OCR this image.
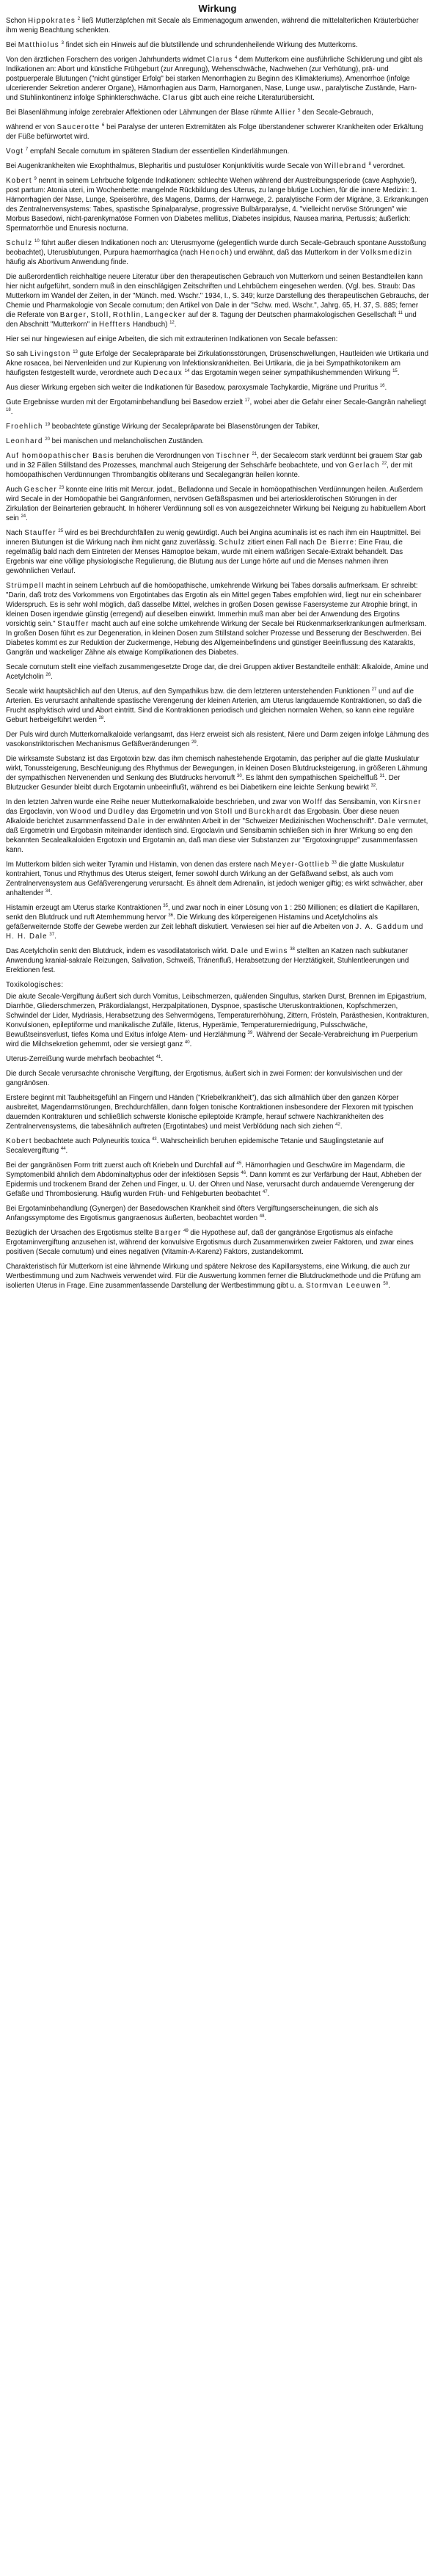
Wirkung

Schon Hippokrates $^2$ ließ Mutterzäpfchen mit Secale als Emmenagogum anwenden, während die mittelalterlichen Kräuterbücher ihm wenig Beachtung schenkten.

Bei Matthiolus $^3$ findet sich ein Hinweis auf die blutstillende und schrundenheilende Wirkung des Mutterkorns.

Von den ärztlichen Forschern des vorigen Jahrhunderts widmet Clarus $^4$ dem Mutterkorn eine ausführliche Schilderung und gibt als Indikationen an: Abort und künstliche Frühgeburt (zur Anregung), Wehenschwäche, Nachwehen (zur Verhütung), prä- und postpuerperale Blutungen ("nicht günstiger Erfolg" bei starken Menorrhagien zu Beginn des Klimakteriums), Amenorrhoe (infolge ulcerierender Sekretion anderer Organe), Hämorrhagien aus Darm, Harnorganen, Nase, Lunge usw., paralytische Zustände, Harn- und Stuhlinkontinenz infolge Sphinkterschwäche. Clarus gibt auch eine reiche Literaturübersicht.

Bei Blasenlähmung infolge zerebraler Affektionen oder Lähmungen der Blase rühmte Allier $^5$ den Secale-Gebrauch,

während er von Saucerotte $^6$ bei Paralyse der unteren Extremitäten als Folge überstandener schwerer Krankheiten oder Erkältung der Füße befürwortet wird.

Vogt $^7$ empfahl Secale cornutum im späteren Stadium der essentiellen Kinderlähmungen.

Bei Augenkrankheiten wie Exophthalmus, Blepharitis und pustulöser Konjunktivitis wurde Secale von Willebrand $^8$ verordnet.

Kobert $^9$ nennt in seinem Lehrbuche folgende Indikationen: schlechte Wehen während der Austreibungsperiode (cave Asphyxie!), post partum: Atonia uteri, im Wochenbette: mangelnde Rückbildung des Uterus, zu lange blutige Lochien, für die innere Medizin: 1. Hämorrhagien der Nase, Lunge, Speiseröhre, des Magens, Darms, der Harnwege, 2. paralytische Form der Migräne, 3. Erkrankungen des Zentralnervensystems: Tabes, spastische Spinalparalyse, progressive Bulbärparalyse, 4. "vielleicht nervöse Störungen" wie Morbus Basedowi, nicht-parenkymatöse Formen von Diabetes mellitus, Diabetes insipidus, Nausea marina, Pertussis; äußerlich: Spermatorrhöe und Enuresis nocturna.

Schulz $^{10}$ führt außer diesen Indikationen noch an: Uterusmyome (gelegentlich wurde durch Secale-Gebrauch spontane Ausstoßung beobachtet), Uterusblutungen, Purpura haemorrhagica (nach Henoch) und erwähnt, daß das Mutterkorn in der Volksmedizin häufig als Abortivum Anwendung finde.

Die außerordentlich reichhaltige neuere Literatur über den therapeutischen Gebrauch von Mutterkorn und seinen Bestandteilen kann hier nicht aufgeführt, sondern muß in den einschlägigen Zeitschriften und Lehrbüchern eingesehen werden. (Vgl. bes. Straub: Das Mutterkorn im Wandel der Zeiten, in der "Münch. med. Wschr." 1934, I., S. 349; kurze Darstellung des therapeutischen Gebrauchs, der Chemie und Pharmakologie von Secale cornutum; den Artikel von Dale in der "Schw. med. Wschr.", Jahrg. 65, H. 37, S. 885; ferner die Referate von Barger, Stoll, Rothlin, Langecker auf der 8. Tagung der Deutschen pharmakologischen Gesellschaft $^{11}$ und den Abschnitt "Mutterkorn" in Heffters Handbuch) $^{12}$.

Hier sei nur hingewiesen auf einige Arbeiten, die sich mit extrauterinen Indikationen von Secale befassen:

So sah Livingston $^{13}$ gute Erfolge der Secalepräparate bei Zirkulationsstörungen, Drüsenschwellungen, Hautleiden wie Urtikaria und Akne rosacea, bei Nervenleiden und zur Kupierung von Infektionskrankheiten. Bei Urtikaria, die ja bei Sympathikotonikern am häufigsten festgestellt wurde, verordnete auch Decaux $^{14}$ das Ergotamin wegen seiner sympathikushemmenden Wirkung $^{15}$.

Aus dieser Wirkung ergeben sich weiter die Indikationen für Basedow, paroxysmale Tachykardie, Migräne und Pruritus $^{16}$.

Gute Ergebnisse wurden mit der Ergotaminbehandlung bei Basedow erzielt $^{17}$, wobei aber die Gefahr einer Secale-Gangrän naheliegt $^{18}$.

Froehlich $^{19}$ beobachtete günstige Wirkung der Secalepräparate bei Blasenstörungen der Tabiker,

Leonhard $^{20}$ bei manischen und melancholischen Zuständen.

Auf homöopathischer Basis beruhen die Verordnungen von Tischner $^{21}$, der Secalecorn stark verdünnt bei grauem Star gab und in 32 Fällen Stillstand des Prozesses, manchmal auch Steigerung der Sehschärfe beobachtete, und von Gerlach $^{22}$, der mit homöopathischen Verdünnungen Thrombangitis obliterans und Secalegangrän heilen konnte.

Auch Gescher $^{23}$ konnte eine Iritis mit Mercur. jodat., Belladonna und Secale in homöopathischen Verdünnungen heilen. Außerdem wird Secale in der Homöopathie bei Gangränformen, nervösen Gefäßspasmen und bei arteriosklerotischen Störungen in der Zirkulation der Beinarterien gebraucht. In höherer Verdünnung soll es von ausgezeichneter Wirkung bei Neigung zu habituellem Abort sein $^{24}$.

Nach Stauffer $^{25}$ wird es bei Brechdurchfällen zu wenig gewürdigt. Auch bei Angina acuminalis ist es nach ihm ein Hauptmittel. Bei inneren Blutungen ist die Wirkung nach ihm nicht ganz zuverlässig. Schulz zitiert einen Fall nach De Bierre: Eine Frau, die regelmäßig bald nach dem Eintreten der Menses Hämoptoe bekam, wurde mit einem wäßrigen Secale-Extrakt behandelt. Das Ergebnis war eine völlige physiologische Regulierung, die Blutung aus der Lunge hörte auf und die Menses nahmen ihren gewöhnlichen Verlauf.

Strümpell macht in seinem Lehrbuch auf die homöopathische, umkehrende Wirkung bei Tabes dorsalis aufmerksam. Er schreibt: "Darin, daß trotz des Vorkommens von Ergotintabes das Ergotin als ein Mittel gegen Tabes empfohlen wird, liegt nur ein scheinbarer Widerspruch. Es is sehr wohl möglich, daß dasselbe Mittel, welches in großen Dosen gewisse Fasersysteme zur Atrophie bringt, in kleinen Dosen irgendwie günstig (erregend) auf dieselben einwirkt. Immerhin muß man aber bei der Anwendung des Ergotins vorsichtig sein." Stauffer macht auch auf eine solche umkehrende Wirkung der Secale bei Rückenmarkserkrankungen aufmerksam. In großen Dosen führt es zur Degeneration, in kleinen Dosen zum Stillstand solcher Prozesse und Besserung der Beschwerden. Bei Diabetes kommt es zur Reduktion der Zuckermenge, Hebung des Allgemeinbefindens und günstiger Beeinflussung des Katarakts, Gangrän und wackeliger Zähne als etwaige Komplikationen des Diabetes.

Secale cornutum stellt eine vielfach zusammengesetzte Droge dar, die drei Gruppen aktiver Bestandteile enthält: Alkaloide, Amine und Acetylcholin $^{26}$.

Secale wirkt hauptsächlich auf den Uterus, auf den Sympathikus bzw. die dem letzteren unterstehenden Funktionen $^{27}$ und auf die Arterien. Es verursacht anhaltende spastische Verengerung der kleinen Arterien, am Uterus langdauernde Kontraktionen, so daß die Frucht asphyktisch wird und Abort eintritt. Sind die Kontraktionen periodisch und gleichen normalen Wehen, so kann eine reguläre Geburt herbeigeführt werden $^{28}$.

Der Puls wird durch Mutterkornalkaloide verlangsamt, das Herz erweist sich als resistent, Niere und Darm zeigen infolge Lähmung des vasokonstriktorischen Mechanismus Gefäßveränderungen $^{29}$.

Die wirksamste Substanz ist das Ergotoxin bzw. das ihm chemisch nahestehende Ergotamin, das peripher auf die glatte Muskulatur wirkt, Tonussteigerung, Beschleunigung des Rhythmus der Bewegungen, in kleinen Dosen Blutdrucksteigerung, in größeren Lähmung der sympathischen Nervenenden und Senkung des Blutdrucks hervorruft $^{30}$. Es lähmt den sympathischen Speichelfluß $^{31}$. Der Blutzucker Gesunder bleibt durch Ergotamin unbeeinflußt, während es bei Diabetikern eine leichte Senkung bewirkt $^{32}$.

In den letzten Jahren wurde eine Reihe neuer Mutterkornalkaloide beschrieben, und zwar von Wolff das Sensibamin, von Kirsner das Ergoclavin, von Wood und Dudley das Ergometrin und von Stoll und Burckhardt das Ergobasin. Über diese neuen Alkaloide berichtet zusammenfassend Dale in der erwähnten Arbeit in der "Schweizer Medizinischen Wochenschrift". Dale vermutet, daß Ergometrin und Ergobasin miteinander identisch sind. Ergoclavin und Sensibamin schließen sich in ihrer Wirkung so eng den bekannten Secalealkaloiden Ergotoxin und Ergotamin an, daß man diese vier Substanzen zur "Ergotoxingruppe" zusammenfassen kann.

Im Mutterkorn bilden sich weiter Tyramin und Histamin, von denen das erstere nach Meyer-Gottlieb $^{33}$ die glatte Muskulatur kontrahiert, Tonus und Rhythmus des Uterus steigert, ferner sowohl durch Wirkung an der Gefäßwand selbst, als auch vom Zentralnervensystem aus Gefäßverengerung verursacht. Es ähnelt dem Adrenalin, ist jedoch weniger giftig; es wirkt schwächer, aber anhaltender $^{34}$.

Histamin erzeugt am Uterus starke Kontraktionen $^{35}$, und zwar noch in einer Lösung von 1 : 250 Millionen; es dilatiert die Kapillaren, senkt den Blutdruck und ruft Atemhemmung hervor $^{36}$. Die Wirkung des körpereigenen Histamins und Acetylcholins als gefäßerweiternde Stoffe der Gewebe werden zur Zeit lebhaft diskutiert. Verwiesen sei hier auf die Arbeiten von J. A. Gaddum und H. H. Dale $^{37}$.

Das Acetylcholin senkt den Blutdruck, indem es vasodilatatorisch wirkt. Dale und Ewins $^{38}$ stellten an Katzen nach subkutaner Anwendung kranial-sakrale Reizungen, Salivation, Schweiß, Tränenfluß, Herabsetzung der Herztätigkeit, Stuhlentleerungen und Erektionen fest.

Toxikologisches:

Die akute Secale-Vergiftung äußert sich durch Vomitus, Leibschmerzen, quälenden Singultus, starken Durst, Brennen im Epigastrium, Diarrhöe, Gliederschmerzen, Präkordialangst, Herzpalpitationen, Dyspnoe, spastische Uteruskontraktionen, Kopfschmerzen, Schwindel der Lider, Mydriasis, Herabsetzung des Sehvermögens, Temperaturerhöhung, Zittern, Frösteln, Parästhesien, Kontrakturen, Konvulsionen, epileptiforme und manikalische Zufälle, Ikterus, Hyperämie, Temperaturerniedrigung, Pulsschwäche, Bewußtseinsverlust, tiefes Koma und Exitus infolge Atem- und Herzlähmung $^{39}$. Während der Secale-Verabreichung im Puerperium wird die Milchsekretion gehemmt, oder sie versiegt ganz $^{40}$.

Uterus-Zerreißung wurde mehrfach beobachtet $^{41}$.

Die durch Secale verursachte chronische Vergiftung, der Ergotismus, äußert sich in zwei Formen: der konvulsivischen und der gangränösen.

Erstere beginnt mit Taubheitsgefühl an Fingern und Händen ("Kriebelkrankheit"), das sich allmählich über den ganzen Körper ausbreitet, Magendarmstörungen, Brechdurchfällen, dann folgen tonische Kontraktionen insbesondere der Flexoren mit typischen dauernden Kontrakturen und schließlich schwerste klonische epileptoide Krämpfe, herauf schwere Nachkrankheiten des Zentralnervensystems, die tabesähnlich auftreten (Ergotintabes) und meist Verblödung nach sich ziehen $^{42}$.

Kobert beobachtete auch Polyneuritis toxica $^{43}$. Wahrscheinlich beruhen epidemische Tetanie und Säuglingstetanie auf Secalevergiftung $^{44}$.

Bei der gangränösen Form tritt zuerst auch oft Kriebeln und Durchfall auf $^{45}$. Hämorrhagien und Geschwüre im Magendarm, die Symptomenbild ähnlich dem Abdominaltyphus oder der infektiösen Sepsis $^{46}$. Dann kommt es zur Verfärbung der Haut, Abheben der Epidermis und trockenem Brand der Zehen und Finger, u. U. der Ohren und Nase, verursacht durch andauernde Verengerung der Gefäße und Thrombosierung. Häufig wurden Früh- und Fehlgeburten beobachtet $^{47}$.

Bei Ergotaminbehandlung (Gynergen) der Basedowschen Krankheit sind öfters Vergiftungserscheinungen, die sich als Anfangssymptome des Ergotismus gangraenosus äußerten, beobachtet worden $^{48}$.

Bezüglich der Ursachen des Ergotismus stellte Barger $^{49}$ die Hypothese auf, daß der gangränöse Ergotismus als einfache Ergotaminvergiftung anzusehen ist, während der konvulsive Ergotismus durch Zusammenwirken zweier Faktoren, und zwar eines positiven (Secale cornutum) und eines negativen (Vitamin-A-Karenz) Faktors, zustandekommt.

Charakteristisch für Mutterkorn ist eine lähmende Wirkung und spätere Nekrose des Kapillarsystems, eine Wirkung, die auch zur Wertbestimmung und zum Nachweis verwendet wird. Für die Auswertung kommen ferner die Blutdruckmethode und die Prüfung am isolierten Uterus in Frage. Eine zusammenfassende Darstellung der Wertbestimmung gibt u. a. Stormvan Leeuwen $^{50}$.
